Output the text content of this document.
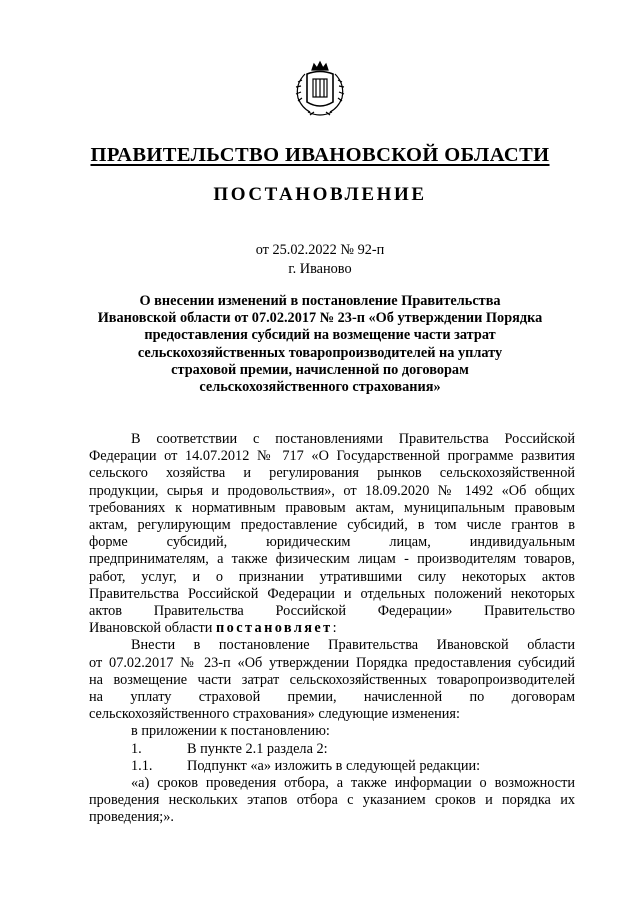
ПРАВИТЕЛЬСТВО ИВАНОВСКОЙ ОБЛАСТИ
ПОСТАНОВЛЕНИЕ
от 25.02.2022 № 92-п
г. Иваново
О внесении изменений в постановление Правительства
Ивановской области от 07.02.2017 № 23-п «Об утверждении Порядка
предоставления субсидий на возмещение части затрат
сельскохозяйственных товаропроизводителей на уплату
страховой премии, начисленной по договорам
сельскохозяйственного страхования»
В соответствии с постановлениями Правительства Российской
Федерации от 14.07.2012 № 717 «О Государственной программе развития
сельского хозяйства и регулирования рынков сельскохозяйственной
продукции, сырья и продовольствия», от 18.09.2020 № 1492 «Об общих
требованиях к нормативным правовым актам, муниципальным правовым
актам, регулирующим предоставление субсидий, в том числе грантов в
форме субсидий, юридическим лицам, индивидуальным
предпринимателям, а также физическим лицам - производителям товаров,
работ, услуг, и о признании утратившими силу некоторых актов
Правительства Российской Федерации и отдельных положений некоторых
актов Правительства Российской Федерации» Правительство
Ивановской области постановляет:
Внести в постановление Правительства Ивановской области
от 07.02.2017 № 23-п «Об утверждении Порядка предоставления субсидий
на возмещение части затрат сельскохозяйственных товаропроизводителей
на уплату страховой премии, начисленной по договорам
сельскохозяйственного страхования» следующие изменения:
в приложении к постановлению:
1.	В пункте 2.1 раздела 2:
1.1. Подпункт «а» изложить в следующей редакции:
«а) сроков проведения отбора, а также информации о возможности
проведения нескольких этапов отбора с указанием сроков и порядка их
проведения;».
